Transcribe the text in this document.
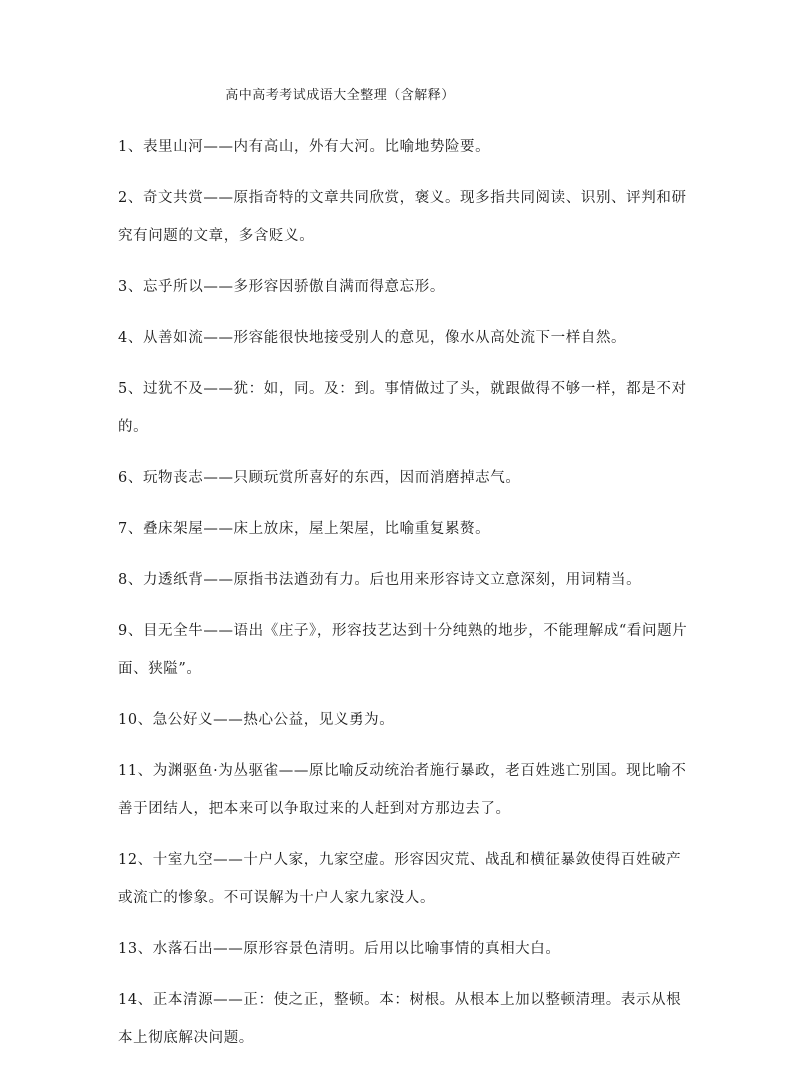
高中高考考试成语大全整理（含解释）
1、表里山河——内有高山，外有大河。比喻地势险要。
2、奇文共赏——原指奇特的文章共同欣赏，褒义。现多指共同阅读、识别、评判和研究有问题的文章，多含贬义。
3、忘乎所以——多形容因骄傲自满而得意忘形。
4、从善如流——形容能很快地接受别人的意见，像水从高处流下一样自然。
5、过犹不及——犹：如，同。及：到。事情做过了头，就跟做得不够一样，都是不对的。
6、玩物丧志——只顾玩赏所喜好的东西，因而消磨掉志气。
7、叠床架屋——床上放床，屋上架屋，比喻重复累赘。
8、力透纸背——原指书法遒劲有力。后也用来形容诗文立意深刻，用词精当。
9、目无全牛——语出《庄子》，形容技艺达到十分纯熟的地步，不能理解成“看问题片面、狭隘”。
10、急公好义——热心公益，见义勇为。
11、为渊驱鱼·为丛驱雀——原比喻反动统治者施行暴政，老百姓逃亡别国。现比喻不善于团结人，把本来可以争取过来的人赶到对方那边去了。
12、十室九空——十户人家，九家空虚。形容因灾荒、战乱和横征暴敛使得百姓破产或流亡的惨象。不可误解为十户人家九家没人。
13、水落石出——原形容景色清明。后用以比喻事情的真相大白。
14、正本清源——正：使之正，整顿。本：树根。从根本上加以整顿清理。表示从根本上彻底解决问题。
